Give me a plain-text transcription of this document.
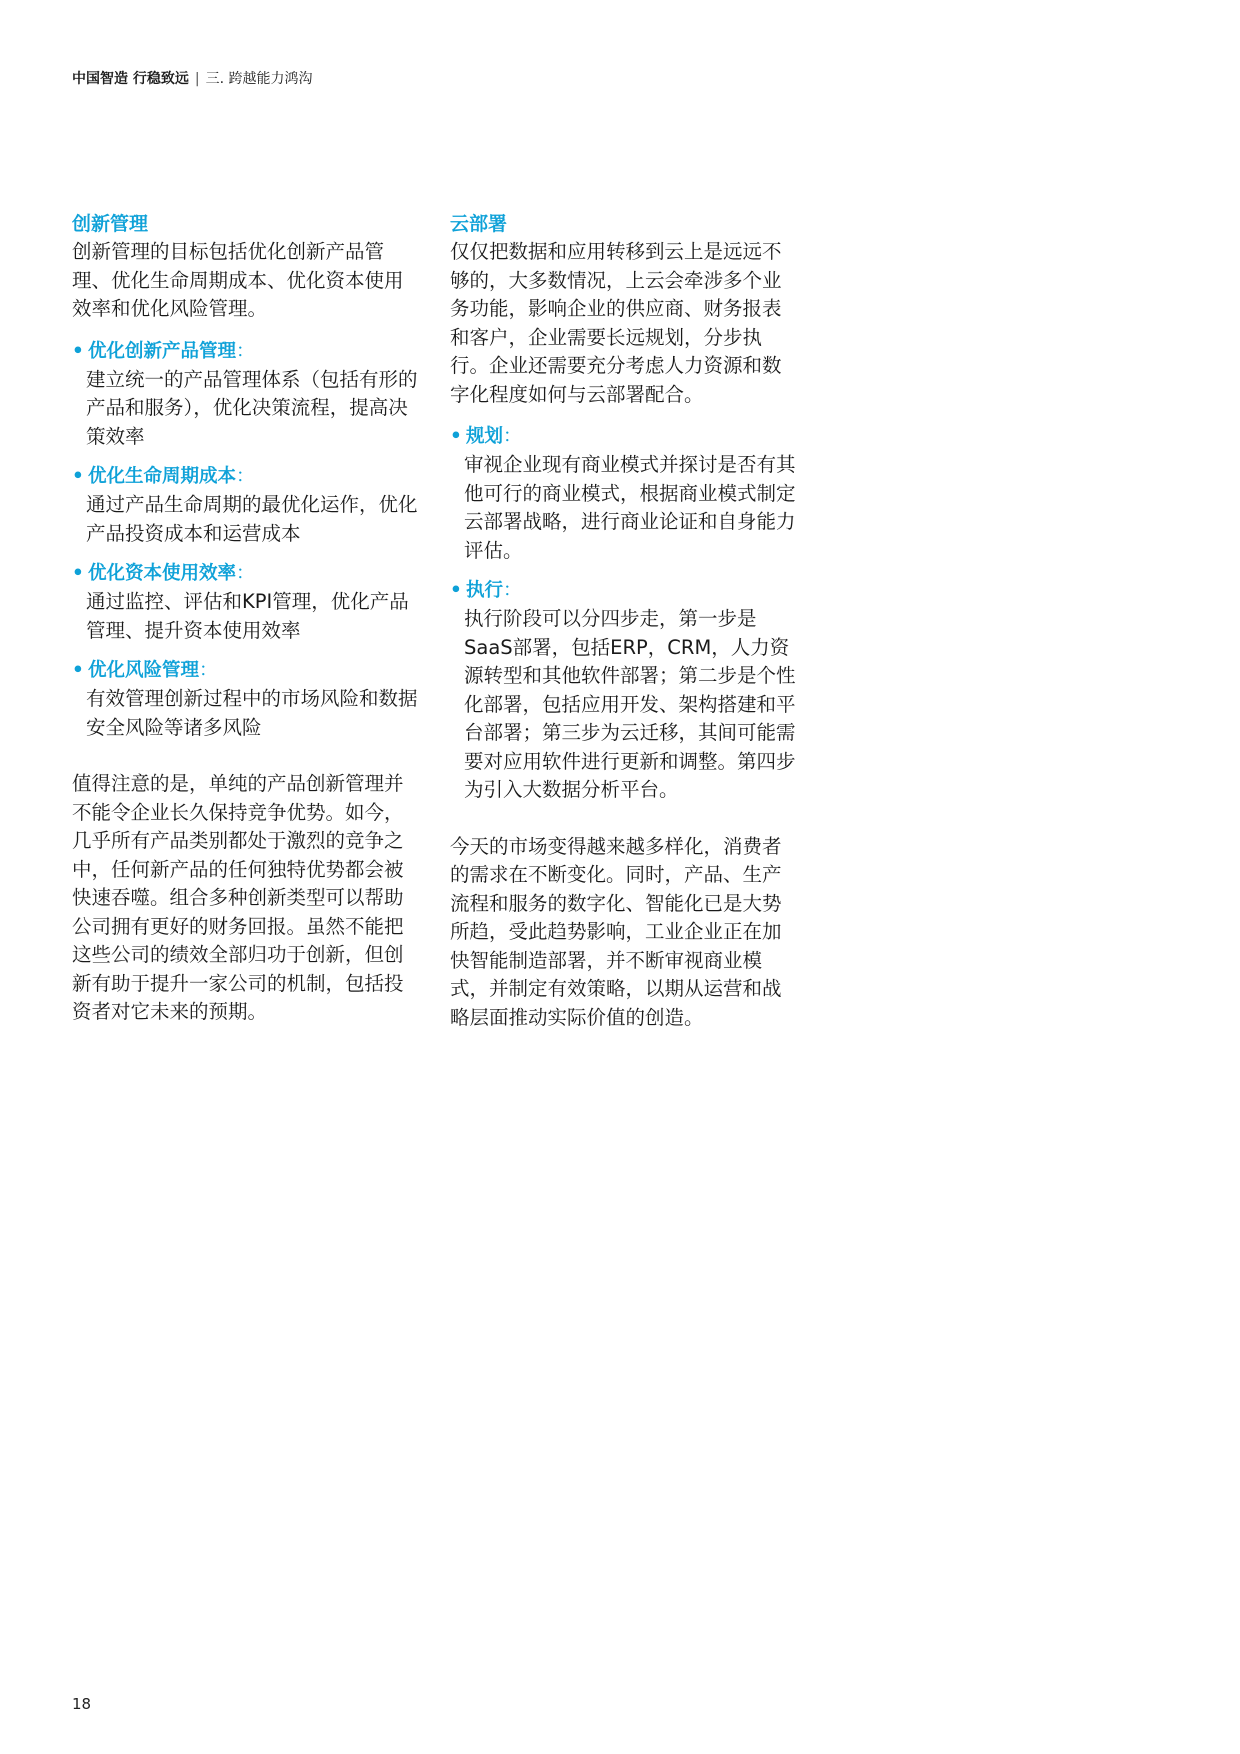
中国智造 行稳致远 | 三. 跨越能力鸿沟
创新管理

创新管理的目标包括优化创新产品管理、优化生命周期成本、优化资本使用效率和优化风险管理。

• 优化创新产品管理：

建立统一的产品管理体系（包括有形的产品和服务），优化决策流程，提高决策效率

• 优化生命周期成本：

通过产品生命周期的最优化运作，优化产品投资成本和运营成本

• 优化资本使用效率：

通过监控、评估和KPI管理，优化产品管理、提升资本使用效率

• 优化风险管理：

有效管理创新过程中的市场风险和数据安全风险等诸多风险

值得注意的是，单纯的产品创新管理并不能令企业长久保持竞争优势。如今，几乎所有产品类别都处于激烈的竞争之中，任何新产品的任何独特优势都会被快速吞噬。组合多种创新类型可以帮助公司拥有更好的财务回报。虽然不能把这些公司的绩效全部归功于创新，但创新有助于提升一家公司的机制，包括投资者对它未来的预期。

云部署

仅仅把数据和应用转移到云上是远远不够的，大多数情况，上云会牵涉多个业务功能，影响企业的供应商、财务报表和客户，企业需要长远规划，分步执行。企业还需要充分考虑人力资源和数字化程度如何与云部署配合。

• 规划：

审视企业现有商业模式并探讨是否有其他可行的商业模式，根据商业模式制定云部署战略，进行商业论证和自身能力评估。

• 执行：

执行阶段可以分四步走，第一步是SaaS部署，包括ERP，CRM，人力资源转型和其他软件部署；第二步是个性化部署，包括应用开发、架构搭建和平台部署；第三步为云迁移，其间可能需要对应用软件进行更新和调整。第四步为引入大数据分析平台。

今天的市场变得越来越多样化，消费者的需求在不断变化。同时，产品、生产流程和服务的数字化、智能化已是大势所趋，受此趋势影响，工业企业正在加快智能制造部署，并不断审视商业模式，并制定有效策略，以期从运营和战略层面推动实际价值的创造。

18
